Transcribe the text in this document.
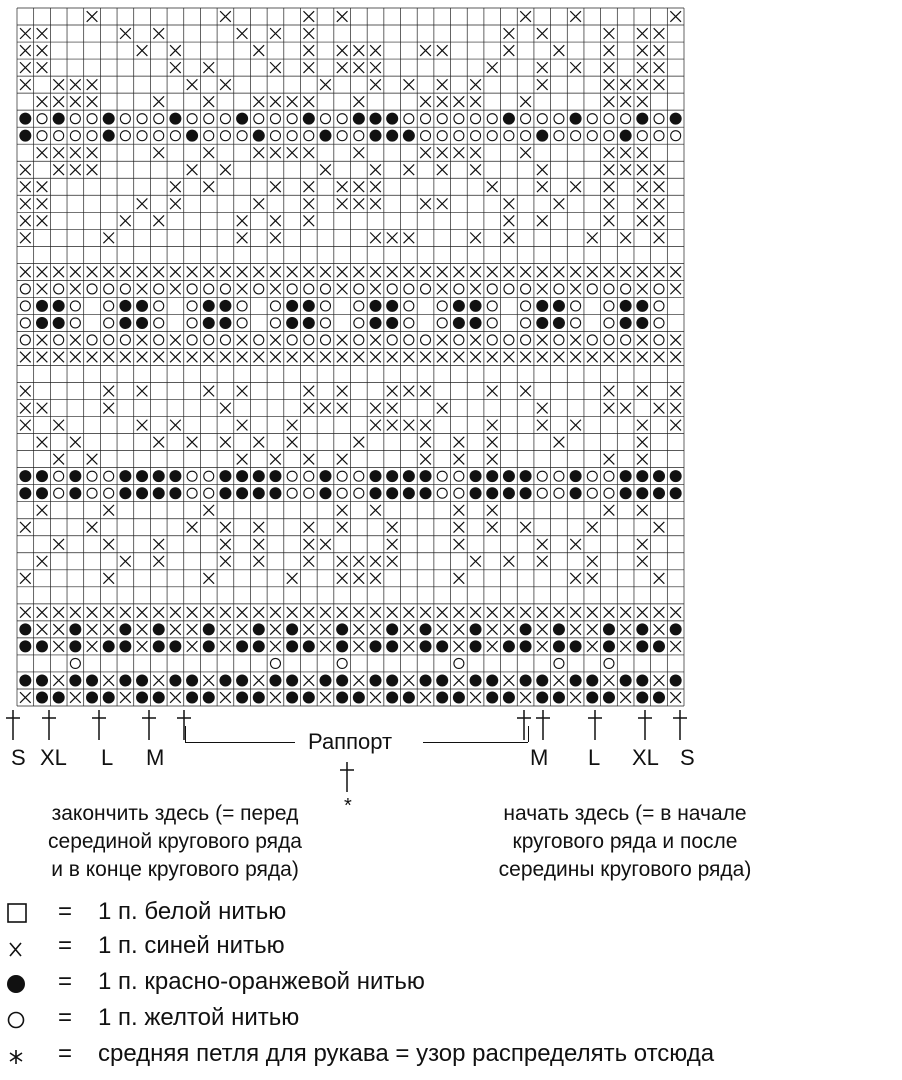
S XL L M	M L XL S
Раппорт
*
закончить здесь (= перед
серединой кругового ряда
и в конце кругового ряда)
начать здесь (= в начале
кругового ряда и после
середины кругового ряда)
= 1 п. белой нитью
= 1 п. синей нитью
= 1 п. красно-оранжевой нитью
= 1 п. желтой нитью
= средняя петля для рукава = узор распределять отсюда
